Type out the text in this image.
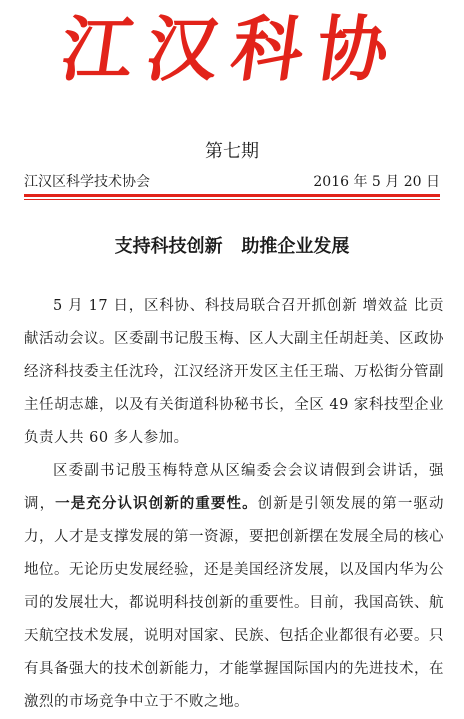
江汉科协
第七期
江汉区科学技术协会	2016 年 5 月 20 日
支持科技创新   助推企业发展

5 月 17 日，区科协、科技局联合召开抓创新 增效益 比贡献活动会议。区委副书记殷玉梅、区人大副主任胡赶美、区政协经济科技委主任沈玲，江汉经济开发区主任王瑞、万松街分管副主任胡志雄，以及有关街道科协秘书长，全区 49 家科技型企业负责人共 60 多人参加。

区委副书记殷玉梅特意从区编委会会议请假到会讲话，强调，一是充分认识创新的重要性。创新是引领发展的第一驱动力，人才是支撑发展的第一资源，要把创新摆在发展全局的核心地位。无论历史发展经验，还是美国经济发展，以及国内华为公司的发展壮大，都说明科技创新的重要性。目前，我国高铁、航天航空技术发展，说明对国家、民族、包括企业都很有必要。只有具备强大的技术创新能力，才能掌握国际国内的先进技术，在激烈的市场竞争中立于不败之地。
